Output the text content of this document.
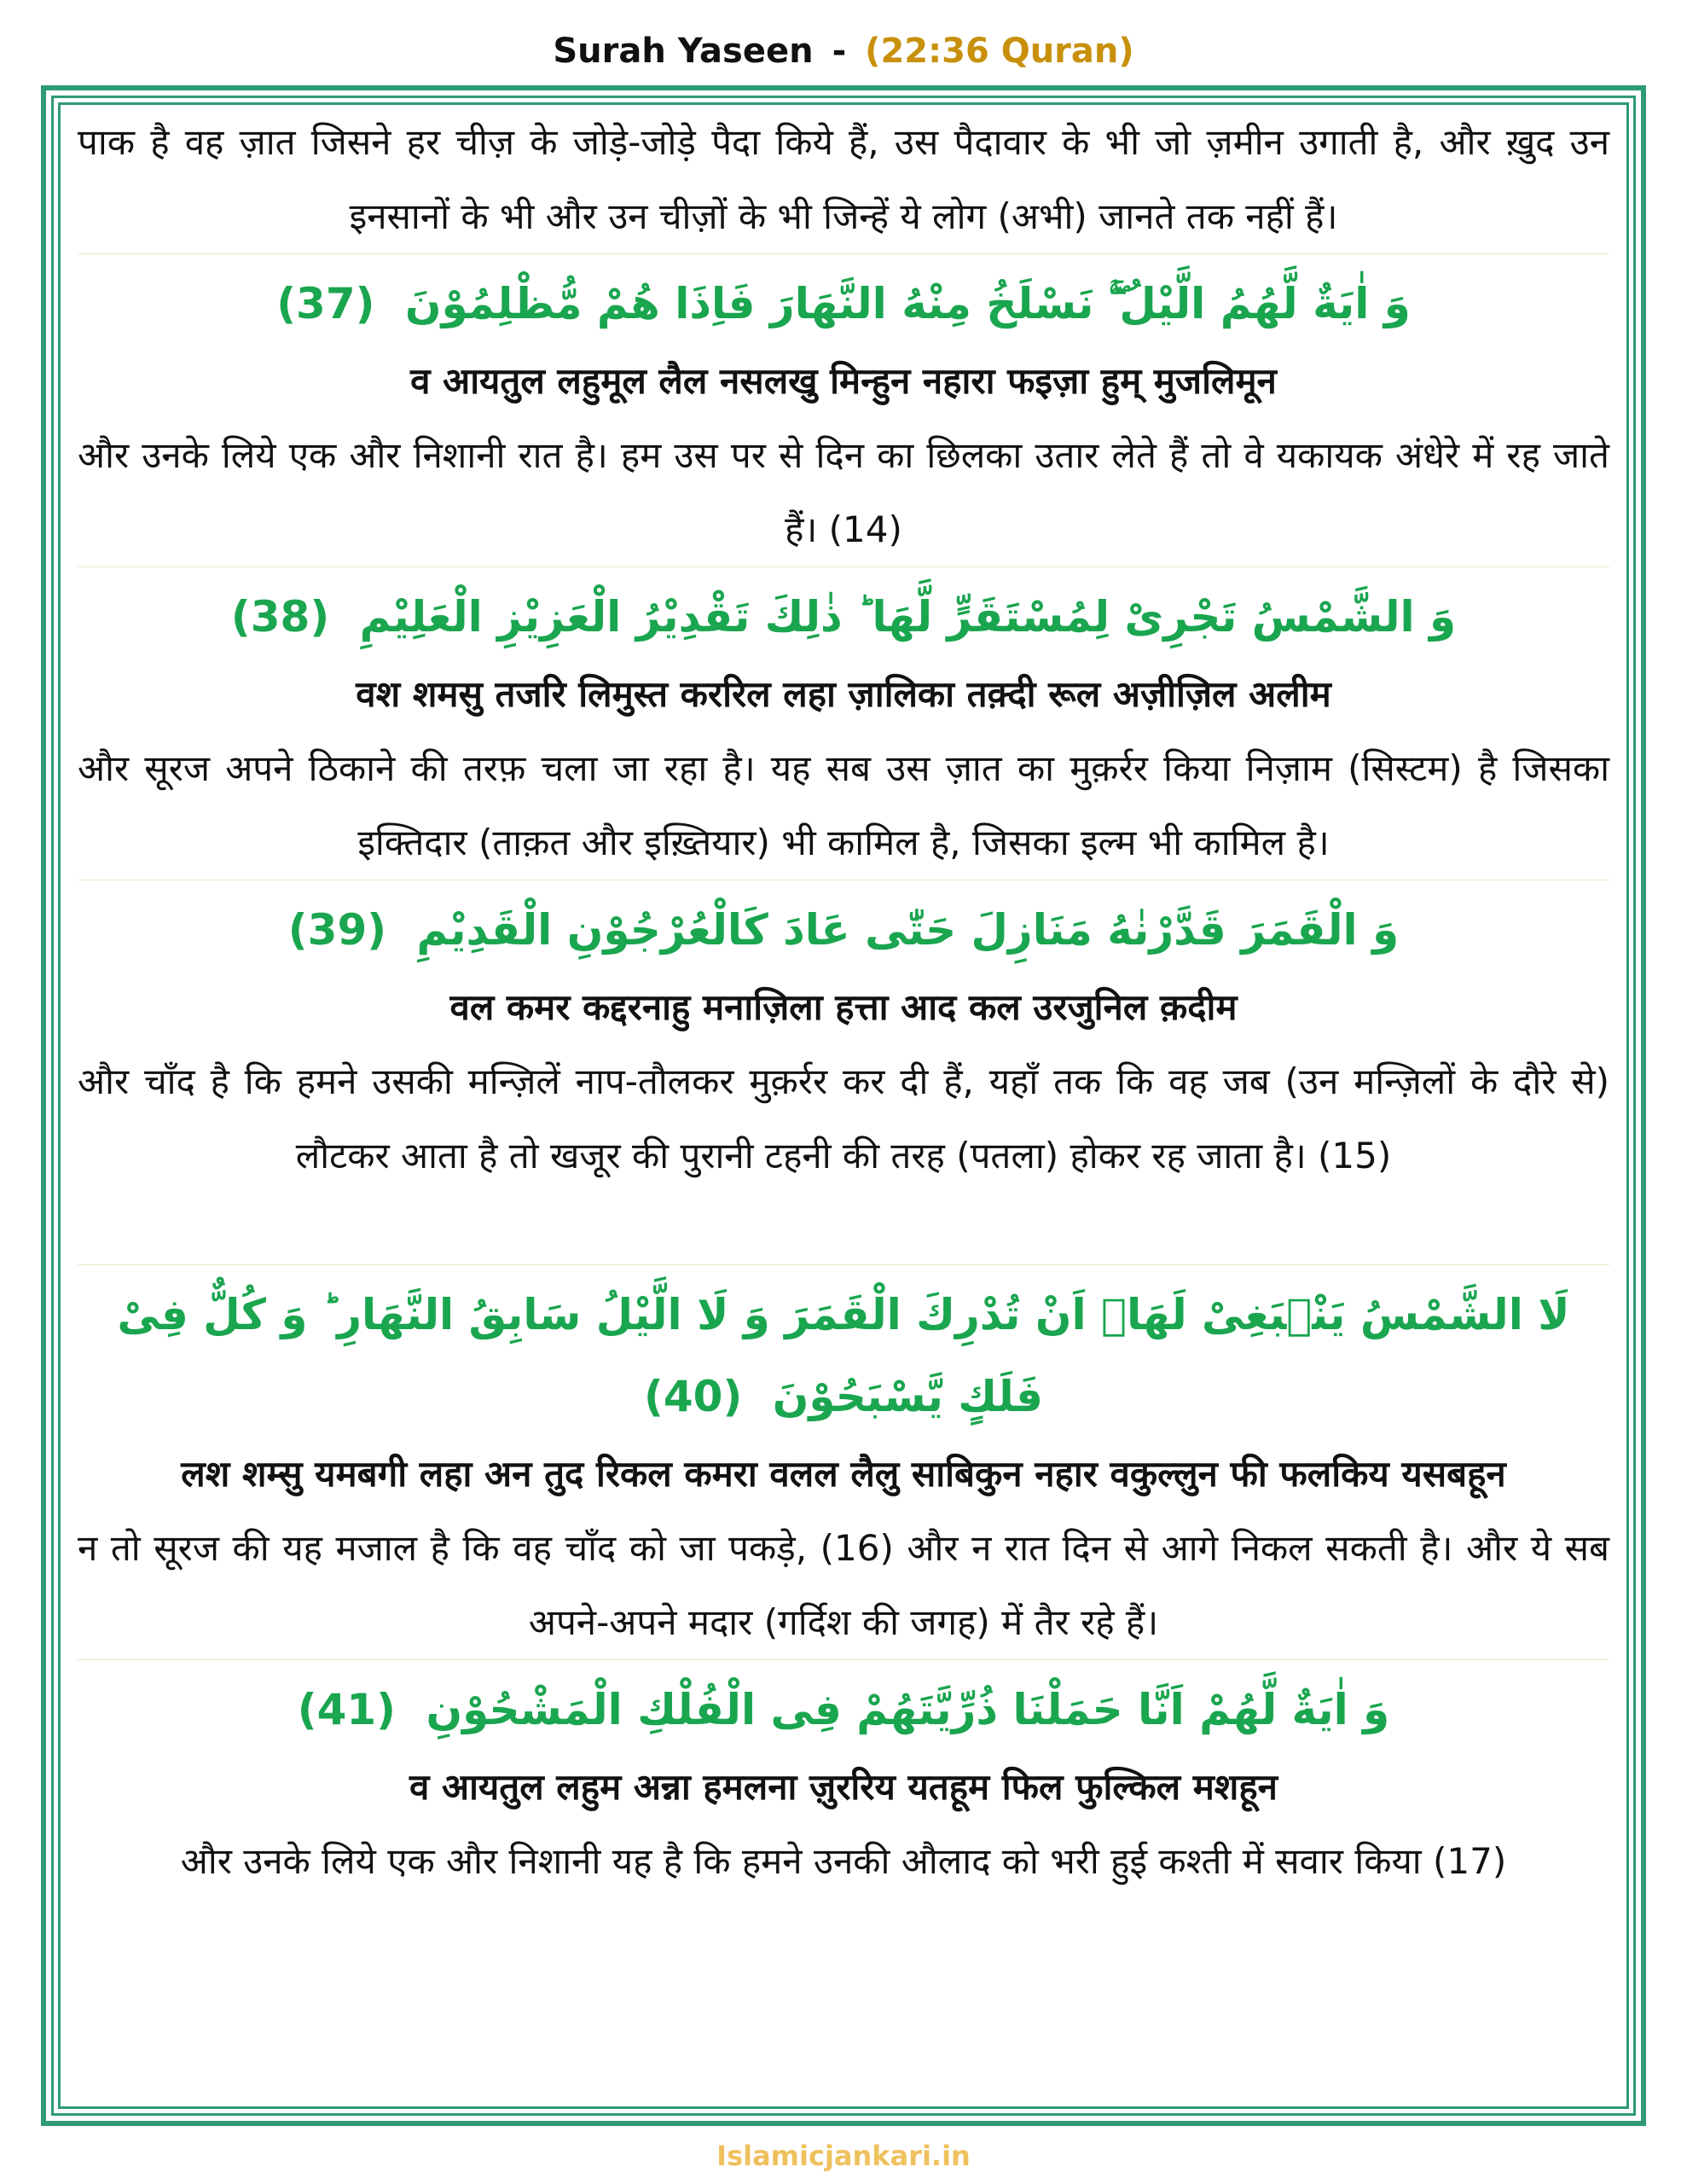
Surah Yaseen - (22:36 Quran)

पाक है वह ज़ात जिसने हर चीज़ के जोड़े-जोड़े पैदा किये हैं, उस पैदावार के भी जो ज़मीन उगाती है, और ख़ुद उन इनसानों के भी और उन चीज़ों के भी जिन्हें ये लोग (अभी) जानते तक नहीं हैं।

وَ اٰیَةٌ لَّهُمُ الَّیْلُ ۚۖ نَسْلَخُ مِنْهُ النَّهَارَ فَاِذَا هُمْ مُّظْلِمُوْنَ (37)

व आयतुल लहुमूल लैल नसलखु मिन्हुन नहारा फइज़ा हुम् मुजलिमून

और उनके लिये एक और निशानी रात है। हम उस पर से दिन का छिलका उतार लेते हैं तो वे यकायक अंधेरे में रह जाते हैं। (14)

وَ الشَّمْسُ تَجْرِیْ لِمُسْتَقَرٍّ لَّهَا ؕ ذٰلِكَ تَقْدِیْرُ الْعَزِیْزِ الْعَلِیْمِ (38)

वश शमसु तजरि लिमुस्त कररिल लहा ज़ालिका तक़्दी रूल अज़ीज़िल अलीम

और सूरज अपने ठिकाने की तरफ़ चला जा रहा है। यह सब उस ज़ात का मुक़र्रर किया निज़ाम (सिस्टम) है जिसका इक्तिदार (ताक़त और इख़्तियार) भी कामिल है, जिसका इल्म भी कामिल है।

وَ الْقَمَرَ قَدَّرْنٰهُ مَنَازِلَ حَتّٰى عَادَ كَالْعُرْجُوْنِ الْقَدِیْمِ (39)

वल कमर कद्दरनाहु मनाज़िला हत्ता आद कल उरजुनिल क़दीम

और चाँद है कि हमने उसकी मन्ज़िलें नाप-तौलकर मुक़र्रर कर दी हैं, यहाँ तक कि वह जब (उन मन्ज़िलों के दौरे से) लौटकर आता है तो खजूर की पुरानी टहनी की तरह (पतला) होकर रह जाता है। (15)

لَا الشَّمْسُ یَنْۢبَغِیْ لَهَاۤ اَنْ تُدْرِكَ الْقَمَرَ وَ لَا الَّیْلُ سَابِقُ النَّهَارِ ؕ وَ كُلٌّ فِیْ فَلَكٍ یَّسْبَحُوْنَ (40)

लश शम्सु यमबगी लहा अन तुद रिकल कमरा वलल लैलु साबिकुन नहार वकुल्लुन फी फलकिय यसबहून

न तो सूरज की यह मजाल है कि वह चाँद को जा पकड़े, (16) और न रात दिन से आगे निकल सकती है। और ये सब अपने-अपने मदार (गर्दिश की जगह) में तैर रहे हैं।

وَ اٰیَةٌ لَّهُمْ اَنَّا حَمَلْنَا ذُرِّیَّتَهُمْ فِی الْفُلْكِ الْمَشْحُوْنِ (41)

व आयतुल लहुम अन्ना हमलना ज़ुररिय यतहूम फिल फुल्किल मशहून

और उनके लिये एक और निशानी यह है कि हमने उनकी औलाद को भरी हुई कश्ती में सवार किया (17)

Islamicjankari.in
